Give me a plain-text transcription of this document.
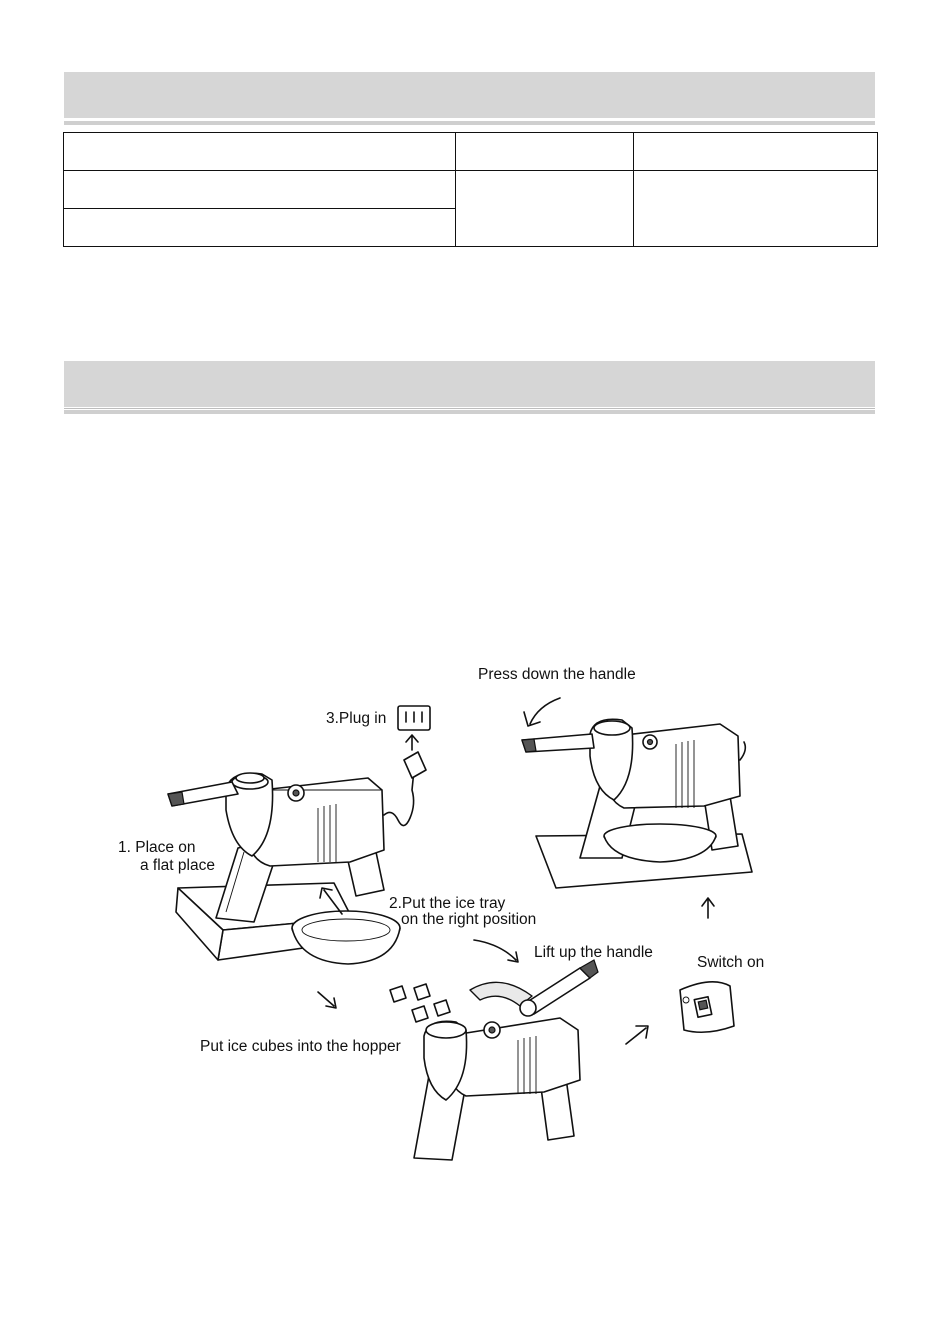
Press down the handle
3.Plug in
1. Place on
a flat place
2.Put the ice tray
on the right position
Lift up the handle
Switch on
Put ice cubes into the hopper
